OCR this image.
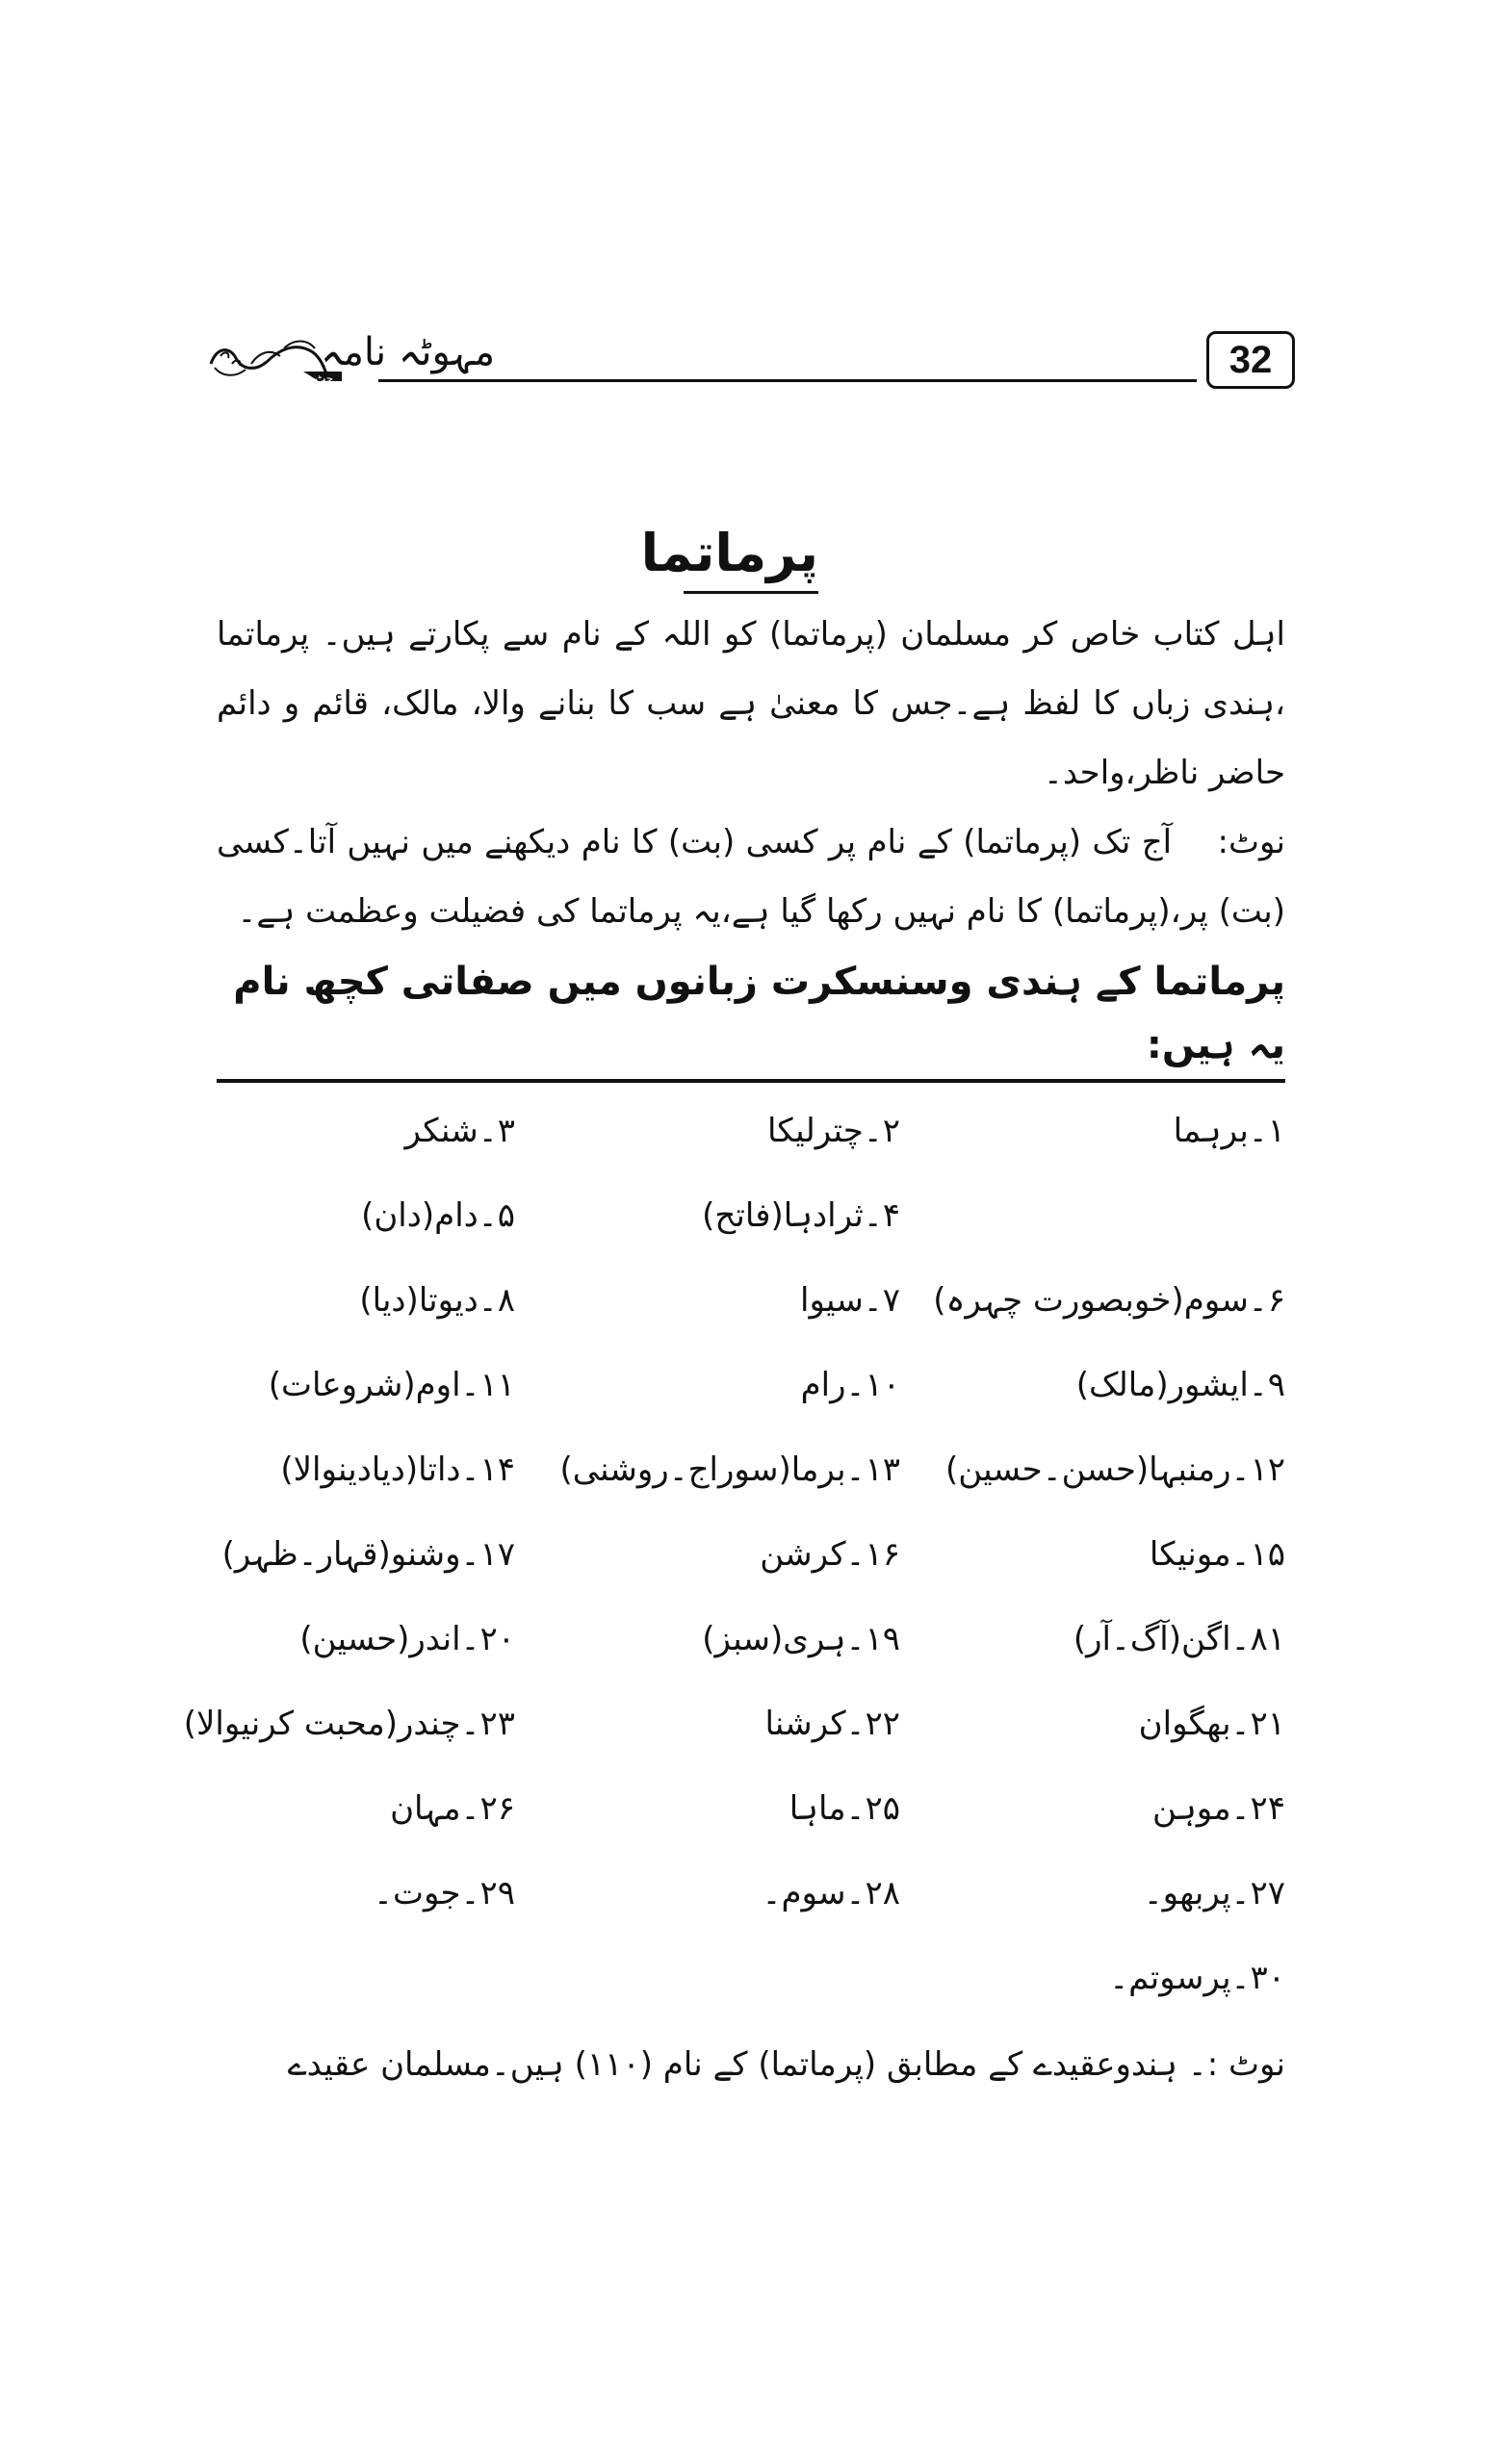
جٹ
مہوٹہ نامہ	32
پرماتما

اہل کتاب خاص کر مسلمان (پرماتما) کو اللہ کے نام سے پکارتے ہیں۔ پرماتما ،ہندی زباں کا لفظ ہے۔جس کا معنیٰ ہے سب کا بنانے والا، مالک، قائم و دائم حاضر ناظر،واحد۔

نوٹ: آج تک (پرماتما) کے نام پر کسی (بت) کا نام دیکھنے میں نہیں آتا۔کسی (بت) پر،(پرماتما) کا نام نہیں رکھا گیا ہے،یہ پرماتما کی فضیلت وعظمت ہے۔

پرماتما کے ہندی وسنسکرت زبانوں میں صفاتی کچھ نام یہ ہیں:
۱۔برہما
۲۔چترلیکا
۳۔شنکر
۴۔ثرادہا(فاتح)
۵۔دام(دان)
۶۔سوم(خوبصورت چہرہ)
۷۔سیوا
۸۔دیوتا(دیا)
۹۔ایشور(مالک)
۱۰۔رام
۱۱۔اوم(شروعات)
۱۲۔رمنبہا(حسن۔حسین)
۱۳۔برما(سوراج۔روشنی)
۱۴۔داتا(دیادینوالا)
۱۵۔مونیکا
۱۶۔کرشن
۱۷۔وشنو(قہار۔ظہر)
۸۱۔اگن(آگ۔آر)
۱۹۔ہری(سبز)
۲۰۔اندر(حسین)
۲۱۔بھگوان
۲۲۔کرشنا
۲۳۔چندر(محبت کرنیوالا)
۲۴۔موہن
۲۵۔ماہا
۲۶۔مہان
۲۷۔پربھو۔
۲۸۔سوم۔
۲۹۔جوت۔
۳۰۔پرسوتم۔

نوٹ :۔ ہندوعقیدے کے مطابق (پرماتما) کے نام (۱۱۰) ہیں۔مسلمان عقیدے
